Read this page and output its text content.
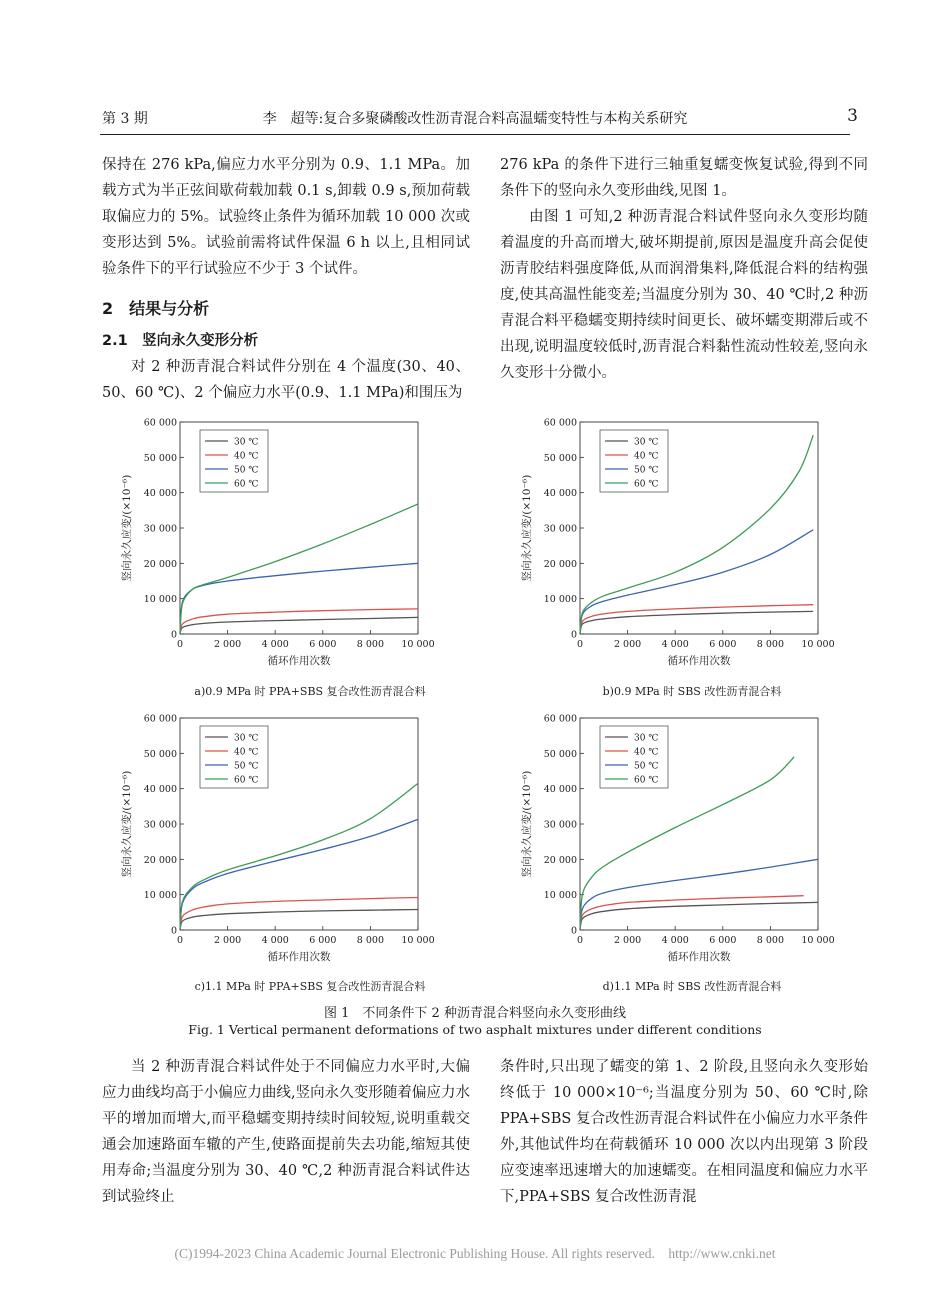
第 3 期	李　超等:复合多聚磷酸改性沥青混合料高温蠕变特性与本构关系研究	3

保持在 276 kPa,偏应力水平分别为 0.9、1.1 MPa。加载方式为半正弦间歇荷载加载 0.1 s,卸载 0.9 s,预加荷载取偏应力的 5%。试验终止条件为循环加载 10 000 次或变形达到 5%。试验前需将试件保温 6 h 以上,且相同试验条件下的平行试验应不少于 3 个试件。

2　结果与分析
2.1　竖向永久变形分析

对 2 种沥青混合料试件分别在 4 个温度(30、40、50、60 ℃)、2 个偏应力水平(0.9、1.1 MPa)和围压为

276 kPa 的条件下进行三轴重复蠕变恢复试验,得到不同条件下的竖向永久变形曲线,见图 1。

由图 1 可知,2 种沥青混合料试件竖向永久变形均随着温度的升高而增大,破坏期提前,原因是温度升高会促使沥青胶结料强度降低,从而润滑集料,降低混合料的结构强度,使其高温性能变差;当温度分别为 30、40 ℃时,2 种沥青混合料平稳蠕变期持续时间更长、破坏蠕变期滞后或不出现,说明温度较低时,沥青混合料黏性流动性较差,竖向永久变形十分微小。

0
10 000
20 000
30 000
40 000
50 000
60 000
0	2 000 4 000 6 000 8 000 10 000
循环作用次数
竖向永久应变/(×10⁻⁶)
30 ℃
40 ℃
50 ℃
60 ℃
0
10 000
20 000
30 000
40 000
50 000
60 000
0	2 000 4 000 6 000 8 000 10 000
循环作用次数
竖向永久应变/(×10⁻⁶)
30 ℃
40 ℃
50 ℃
60 ℃
0
10 000
20 000
30 000
40 000
50 000
60 000
0	2 000 4 000 6 000 8 000 10 000
循环作用次数
竖向永久应变/(×10⁻⁶)
30 ℃
40 ℃
50 ℃
60 ℃
0
10 000
20 000
30 000
40 000
50 000
60 000
0	2 000 4 000 6 000 8 000 10 000
循环作用次数
竖向永久应变/(×10⁻⁶)
30 ℃
40 ℃
50 ℃
60 ℃
a)0.9 MPa 时 PPA+SBS 复合改性沥青混合料	b)0.9 MPa 时 SBS 改性沥青混合料
c)1.1 MPa 时 PPA+SBS 复合改性沥青混合料	d)1.1 MPa 时 SBS 改性沥青混合料
图 1　不同条件下 2 种沥青混合料竖向永久变形曲线
Fig. 1 Vertical permanent deformations of two asphalt mixtures under different conditions

当 2 种沥青混合料试件处于不同偏应力水平时,大偏应力曲线均高于小偏应力曲线,竖向永久变形随着偏应力水平的增加而增大,而平稳蠕变期持续时间较短,说明重载交通会加速路面车辙的产生,使路面提前失去功能,缩短其使用寿命;当温度分别为 30、40 ℃,2 种沥青混合料试件达到试验终止

条件时,只出现了蠕变的第 1、2 阶段,且竖向永久变形始终低于 10 000×10⁻⁶;当温度分别为 50、60 ℃时,除 PPA+SBS 复合改性沥青混合料试件在小偏应力水平条件外,其他试件均在荷载循环 10 000 次以内出现第 3 阶段应变速率迅速增大的加速蠕变。在相同温度和偏应力水平下,PPA+SBS 复合改性沥青混

(C)1994-2023 China Academic Journal Electronic Publishing House. All rights reserved.　http://www.cnki.net
